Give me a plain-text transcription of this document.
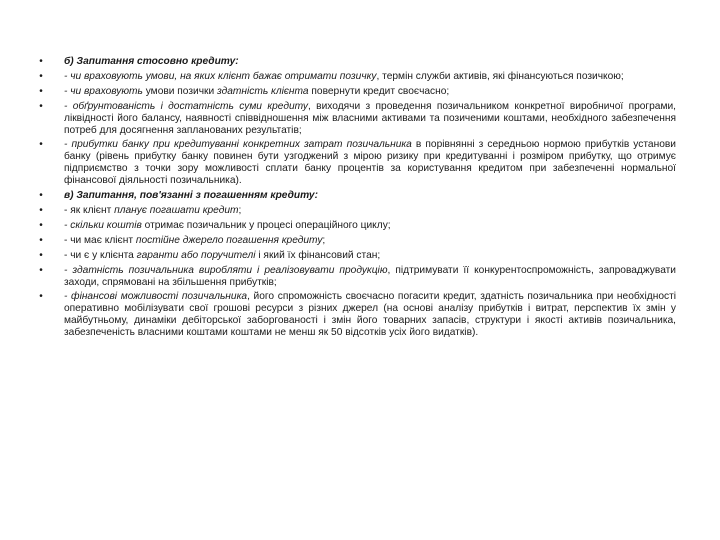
•	б) Запитання стосовно кредиту:
•	- чи враховують умови, на яких клієнт бажає отримати позичку, термін служби активів, які фінансуються позичкою;
•	- чи враховують умови позички здатність клієнта повернути кредит своєчасно;
•	- обґрунтованість і достатність суми кредиту, виходячи з проведення позичальником конкретної виробничої програми, ліквідності його балансу, наявності співвідношення між власними активами та позиченими коштами, необхідного забезпечення потреб для досягнення запланованих результатів;
•	- прибутки банку при кредитуванні конкретних затрат позичальника в порівнянні з середньою нормою прибутків установи банку (рівень прибутку банку повинен бути узгоджений з мірою ризику при кредитуванні і розміром прибутку, що отримує підприємство з точки зору можливості сплати банку процентів за користування кредитом при забезпеченні нормальної фінансової діяльності позичальника).
•	в) Запитання, пов'язанні з погашенням кредиту:
•	- як клієнт планує погашати кредит;
•	- скільки коштів отримає позичальник у процесі операційного циклу;
•	- чи має клієнт постійне джерело погашення кредиту;
•	- чи є у клієнта гаранти або поручителі і який їх фінансовий стан;
•	- здатність позичальника виробляти і реалізовувати продукцію, підтримувати її конкурентоспроможність, запроваджувати заходи, спрямовані на збільшення прибутків;
•	- фінансові можливості позичальника, його спроможність своєчасно погасити кредит, здатність позичальника при необхідності оперативно мобілізувати свої грошові ресурси з різних джерел (на основі аналізу прибутків і витрат, перспектив їх змін у майбутньому, динаміки дебіторської заборгованості і змін його товарних запасів, структури і якості активів позичальника, забезпеченість власними коштами коштами не менш як 50 відсотків усіх його видатків).
